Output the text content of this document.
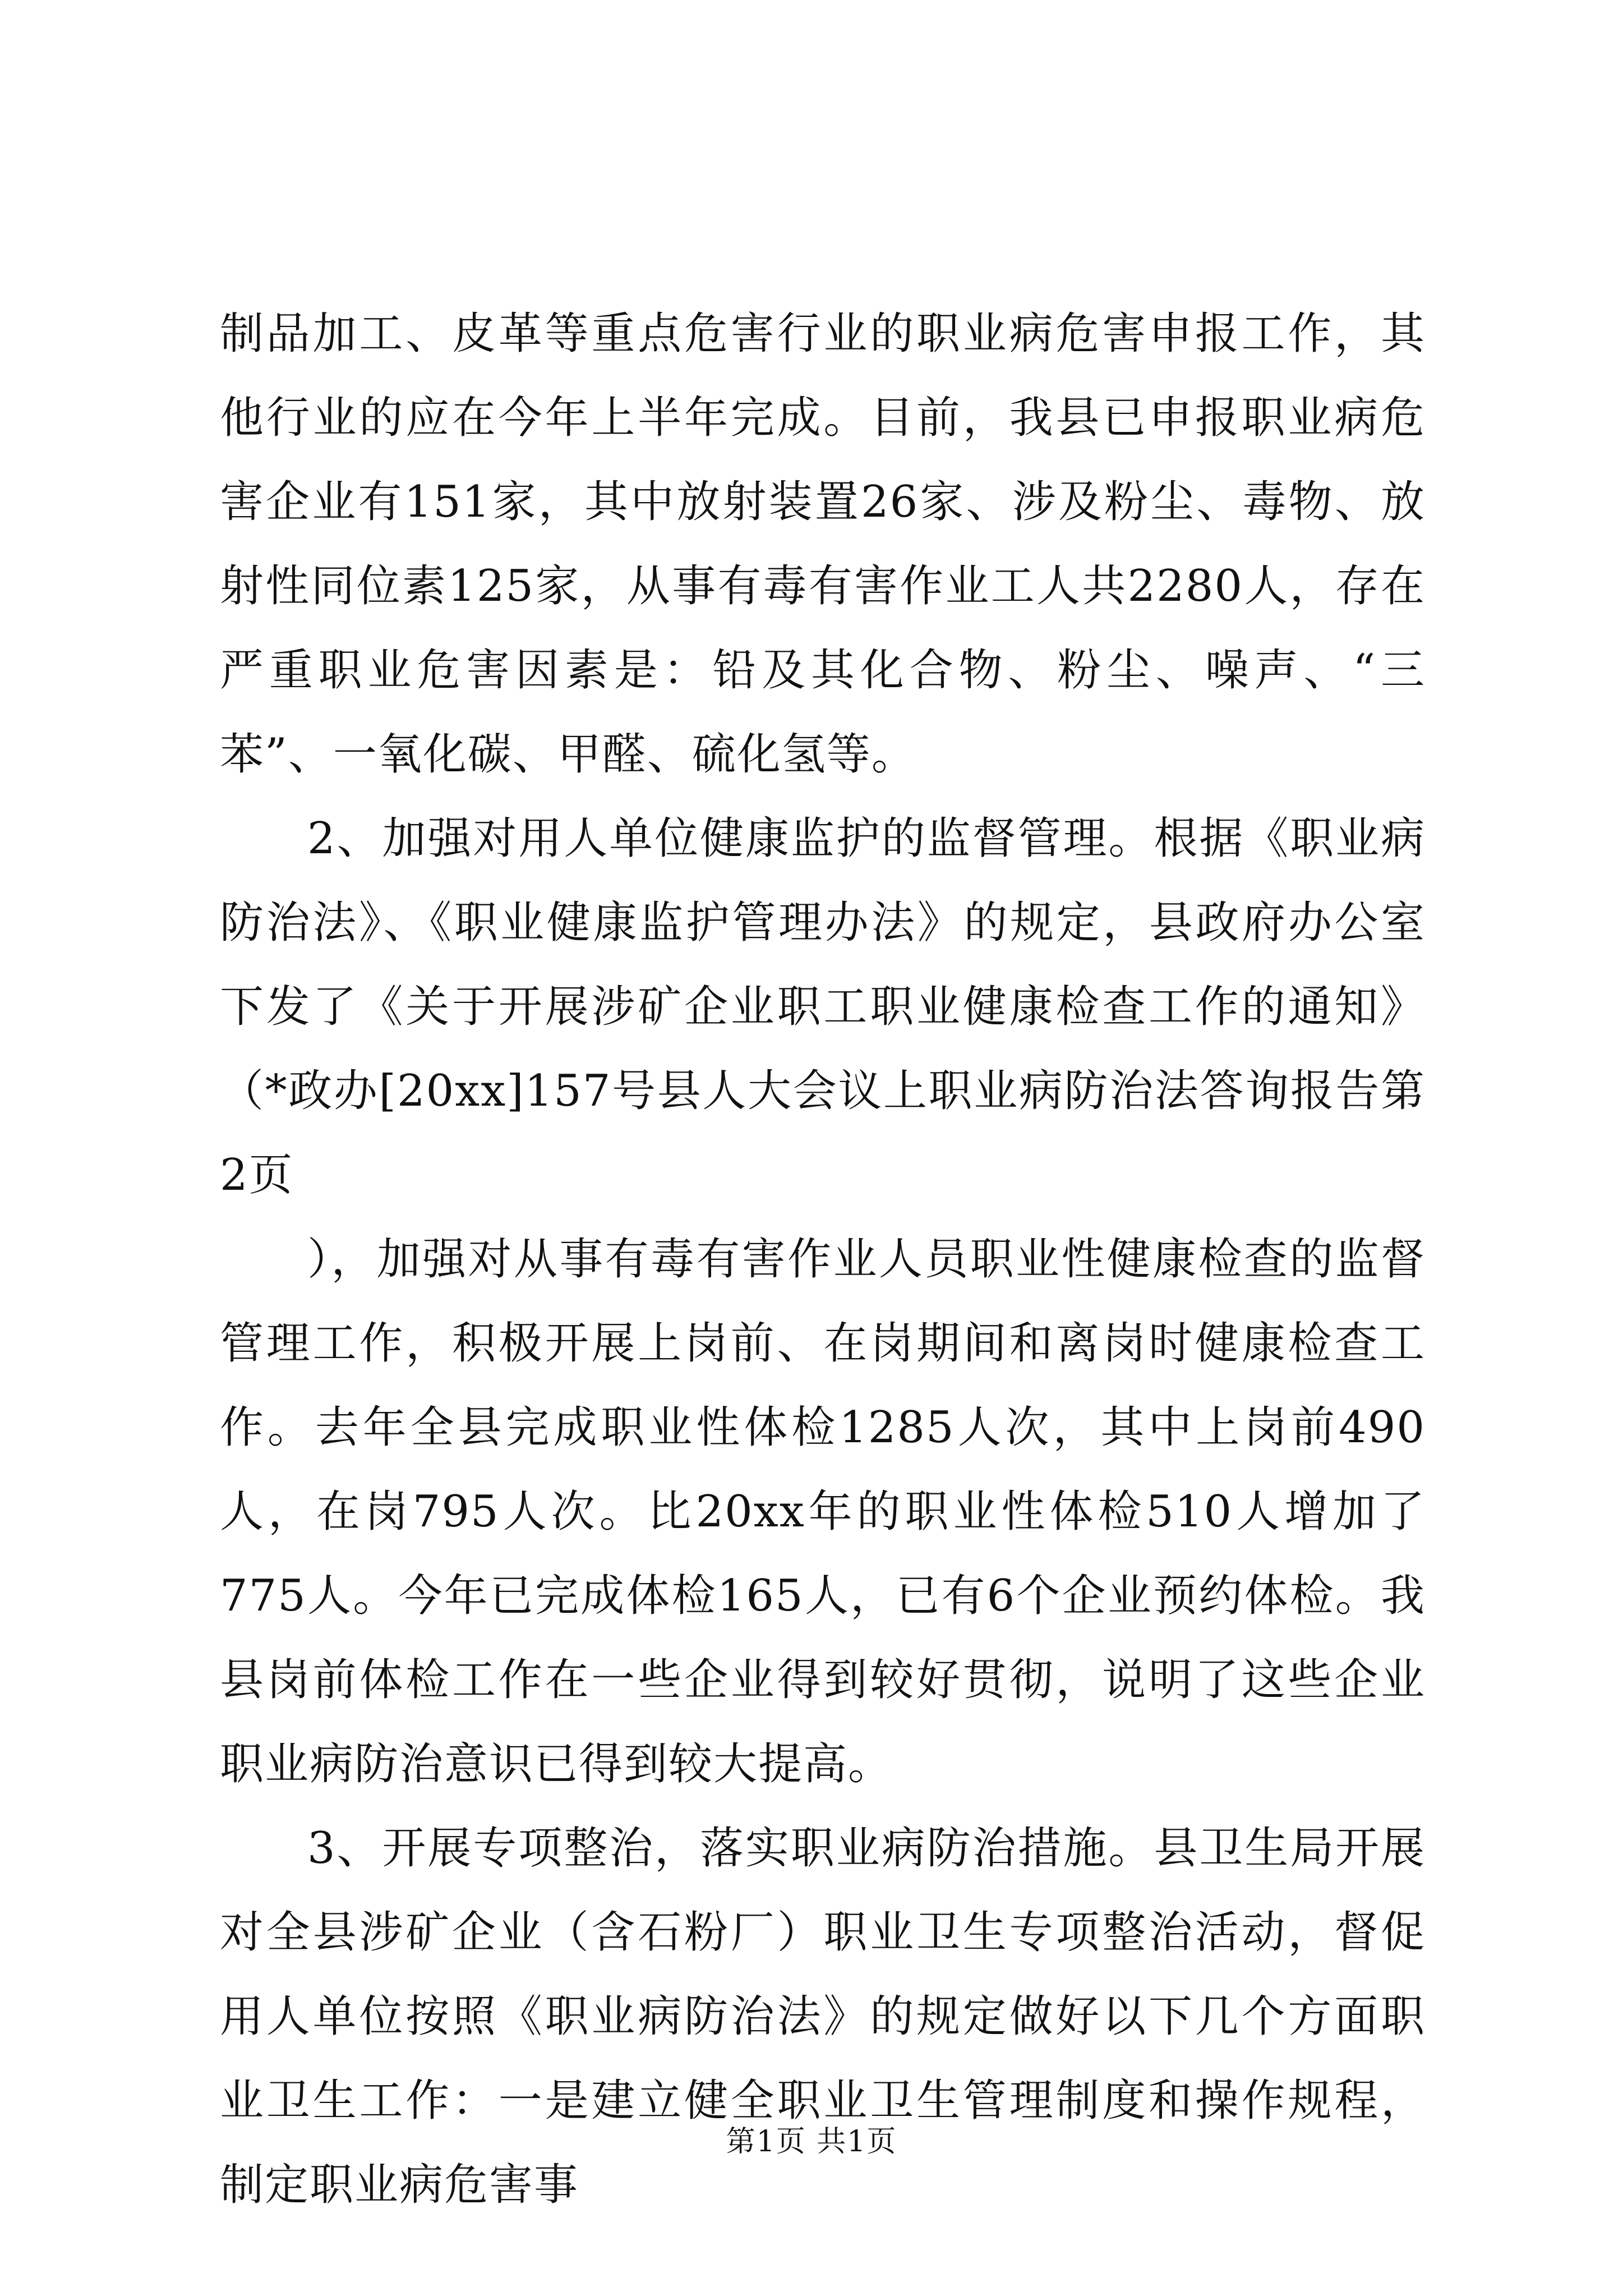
制品加工、皮革等重点危害行业的职业病危害申报工作，其他行业的应在今年上半年完成。目前，我县已申报职业病危害企业有151家，其中放射装置26家、涉及粉尘、毒物、放射性同位素125家，从事有毒有害作业工人共2280人，存在严重职业危害因素是：铅及其化合物、粉尘、噪声、“三苯”、一氧化碳、甲醛、硫化氢等。

2、加强对用人单位健康监护的监督管理。根据《职业病防治法》、《职业健康监护管理办法》的规定，县政府办公室下发了《关于开展涉矿企业职工职业健康检查工作的通知》（*政办[20xx]157号县人大会议上职业病防治法答询报告第2页

），加强对从事有毒有害作业人员职业性健康检查的监督管理工作，积极开展上岗前、在岗期间和离岗时健康检查工作。去年全县完成职业性体检1285人次，其中上岗前490人，在岗795人次。比20xx年的职业性体检510人增加了775人。今年已完成体检165人，已有6个企业预约体检。我县岗前体检工作在一些企业得到较好贯彻，说明了这些企业职业病防治意识已得到较大提高。

3、开展专项整治，落实职业病防治措施。县卫生局开展对全县涉矿企业（含石粉厂）职业卫生专项整治活动，督促用人单位按照《职业病防治法》的规定做好以下几个方面职业卫生工作：一是建立健全职业卫生管理制度和操作规程，制定职业病危害事

第1页 共1页
